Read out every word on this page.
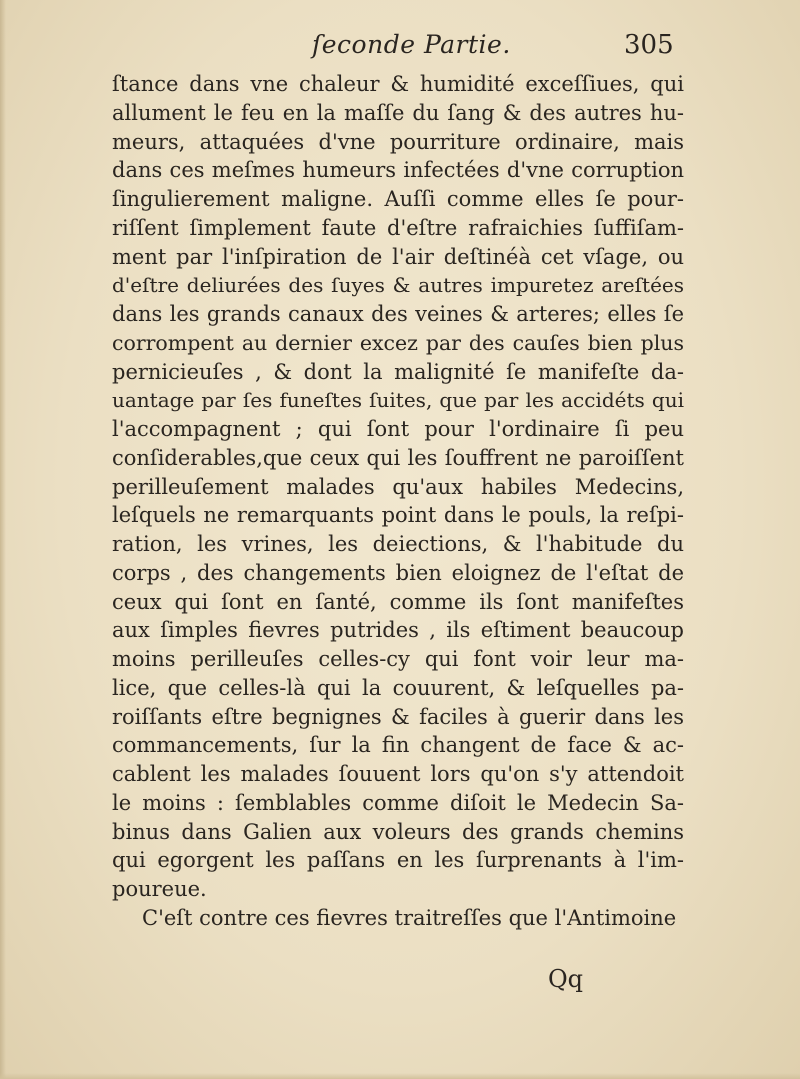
ſeconde Partie.	305
ſtance dans vne chaleur & humidité exceſſiues, qui
allument le feu en la maſſe du ſang & des autres hu-
meurs, attaquées d'vne pourriture ordinaire, mais
dans ces meſmes humeurs infectées d'vne corruption
ſingulierement maligne. Auſſi comme elles ſe pour-
riſſent ſimplement faute d'eſtre rafraichies ſuffiſam-
ment par l'inſpiration de l'air deſtinéà cet vſage, ou
d'eſtre deliurées des ſuyes & autres impuretez areſtées
dans les grands canaux des veines & arteres; elles ſe
corrompent au dernier excez par des cauſes bien plus
pernicieuſes , & dont la malignité ſe manifeſte da-
uantage par ſes funeſtes ſuites, que par les accidéts qui
l'accompagnent ; qui ſont pour l'ordinaire ſi peu
conſiderables,que ceux qui les ſouffrent ne paroiſſent
perilleuſement malades qu'aux habiles Medecins,
leſquels ne remarquants point dans le pouls, la reſpi-
ration, les vrines, les deiections, & l'habitude du
corps , des changements bien eloignez de l'eſtat de
ceux qui ſont en ſanté, comme ils ſont manifeſtes
aux ſimples fievres putrides , ils eſtiment beaucoup
moins perilleuſes celles-cy qui font voir leur ma-
lice, que celles-là qui la couurent, & leſquelles pa-
roiſſants eſtre begnignes & faciles à guerir dans les
commancements, ſur la fin changent de face & ac-
cablent les malades ſouuent lors qu'on s'y attendoit
le moins : ſemblables comme diſoit le Medecin Sa-
binus dans Galien aux voleurs des grands chemins
qui egorgent les paſſans en les ſurprenants à l'im-
poureue.
C'eſt contre ces fievres traitreſſes que l'Antimoine
Qq
